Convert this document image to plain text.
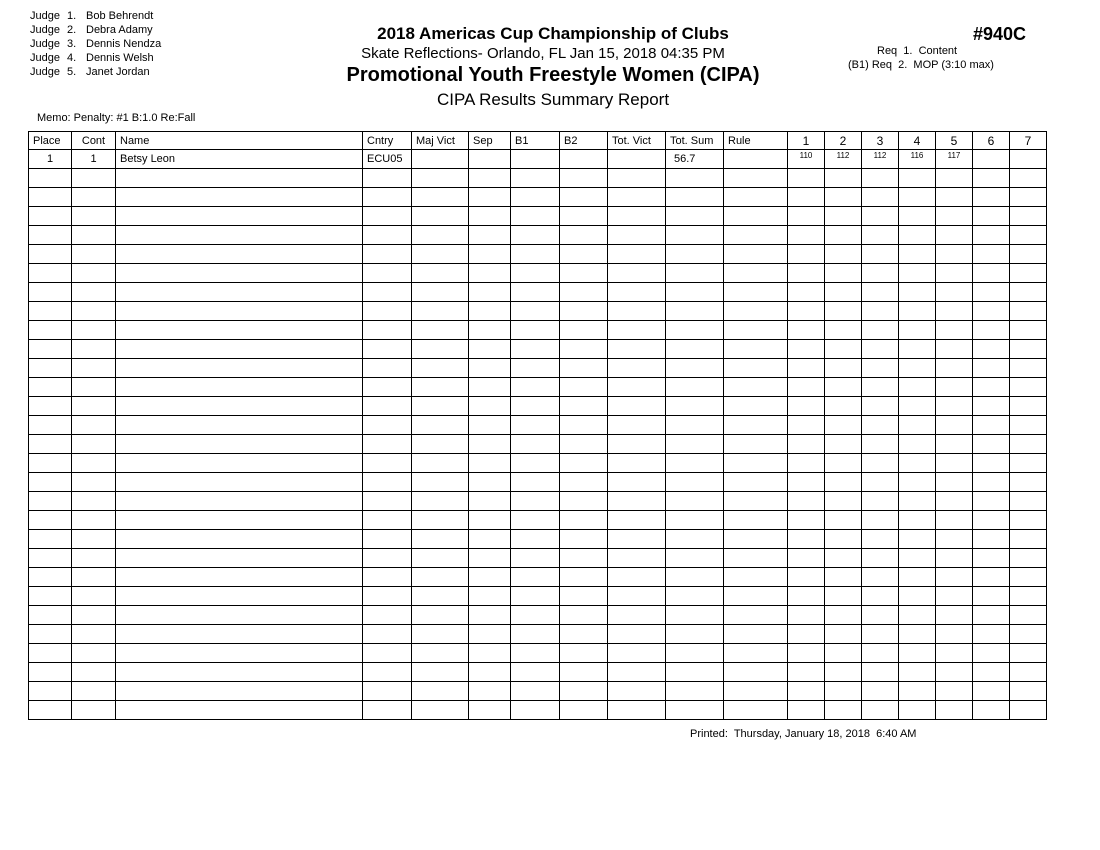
Judge 1. Bob Behrendt
Judge 2. Debra Adamy
Judge 3. Dennis Nendza
Judge 4. Dennis Welsh
Judge 5. Janet Jordan
2018 Americas Cup Championship of Clubs
Skate Reflections- Orlando, FL Jan 15, 2018 04:35 PM
Promotional Youth Freestyle Women (CIPA)
CIPA Results Summary Report
#940C
Req  1.  Content
(B1) Req  2.  MOP (3:10 max)
Memo: Penalty: #1 B:1.0 Re:Fall
Place	Cont	Name	Cntry	Maj Vict	Sep	B1	B2	Tot. Vict	Tot. Sum	Rule	1	2	3	4	5	6	7
1	1	Betsy Leon	ECU05						56.7		110	112	112	116	117		

Printed:  Thursday, January 18, 2018  6:40 AM
